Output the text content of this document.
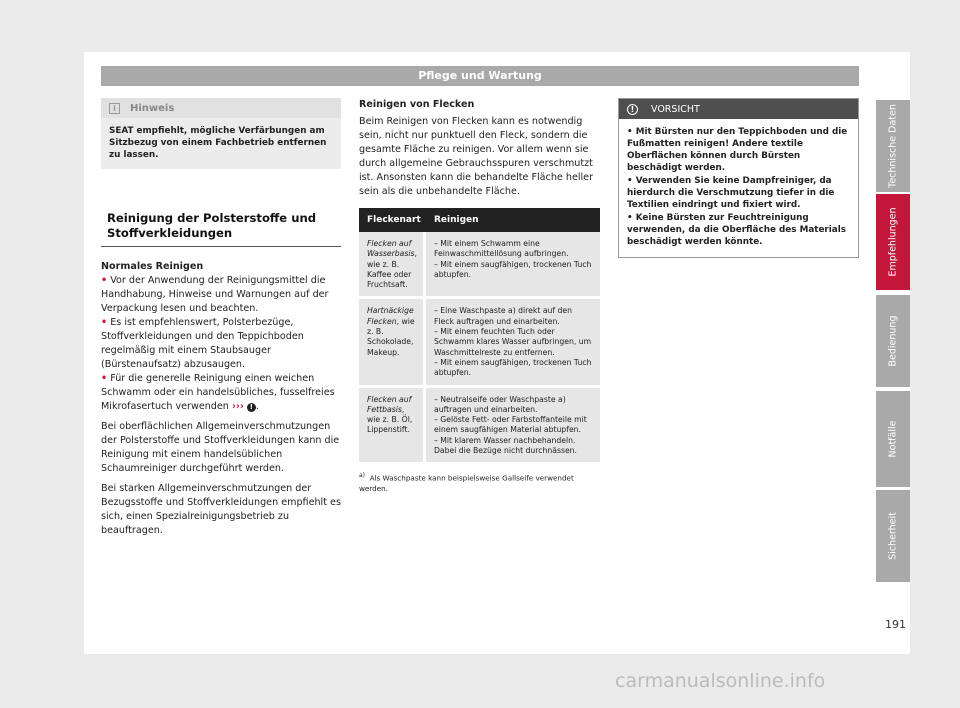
Pflege und Wartung
i	Hinweis
SEAT empfiehlt, mögliche Verfärbungen am Sitzbezug von einem Fachbetrieb entfernen zu lassen.
Reinigung der Polsterstoffe und Stoffverkleidungen
Normales Reinigen
• Vor der Anwendung der Reinigungsmittel die Handhabung, Hinweise und Warnungen auf der Verpackung lesen und beachten.
• Es ist empfehlenswert, Polsterbezüge, Stoffverkleidungen und den Teppichboden regelmäßig mit einem Staubsauger (Bürstenaufsatz) abzusaugen.
• Für die generelle Reinigung einen weichen Schwamm oder ein handelsübliches, fusselfreies Mikrofasertuch verwenden ››› ! .
Bei oberflächlichen Allgemeinverschmutzungen der Polsterstoffe und Stoffverkleidungen kann die Reinigung mit einem handelsüblichen Schaumreiniger durchgeführt werden.
Bei starken Allgemeinverschmutzungen der Bezugsstoffe und Stoffverkleidungen empfiehlt es sich, einen Spezialreinigungsbetrieb zu beauftragen.
Reinigen von Flecken
Beim Reinigen von Flecken kann es notwendig sein, nicht nur punktuell den Fleck, sondern die gesamte Fläche zu reinigen. Vor allem wenn sie durch allgemeine Gebrauchsspuren verschmutzt ist. Ansonsten kann die behandelte Fläche heller sein als die unbehandelte Fläche.
Fleckenart	Reinigen
Flecken auf Wasserbasis, wie z. B. Kaffee oder Fruchtsaft.	– Mit einem Schwamm eine Feinwaschmittellösung aufbringen.
– Mit einem saugfähigen, trockenen Tuch abtupfen.

Hartnäckige Flecken, wie z. B. Schokolade, Makeup.	– Eine Waschpaste a) direkt auf den Fleck auftragen und einarbeiten.
– Mit einem feuchten Tuch oder Schwamm klares Wasser aufbringen, um Waschmittelreste zu entfernen.
– Mit einem saugfähigen, trockenen Tuch abtupfen.

Flecken auf Fettbasis, wie z. B. Öl, Lippenstift.	– Neutralseife oder Waschpaste a) auftragen und einarbeiten.
– Gelöste Fett- oder Farbstoffanteile mit einem saugfähigen Material abtupfen.
– Mit klarem Wasser nachbehandeln. Dabei die Bezüge nicht durchnässen.
$^{a)}$ Als Waschpaste kann beispielsweise Gallseife verwendet werden.
!	VORSICHT
• Mit Bürsten nur den Teppichboden und die Fußmatten reinigen! Andere textile Oberflächen können durch Bürsten beschädigt werden.
• Verwenden Sie keine Dampfreiniger, da hierdurch die Verschmutzung tiefer in die Textilien eindringt und fixiert wird.
• Keine Bürsten zur Feuchtreinigung verwenden, da die Oberfläche des Materials beschädigt werden könnte.
Technische Daten
Empfehlungen
Bedienung
Notfälle
Sicherheit
191
carmanualsonline.info
